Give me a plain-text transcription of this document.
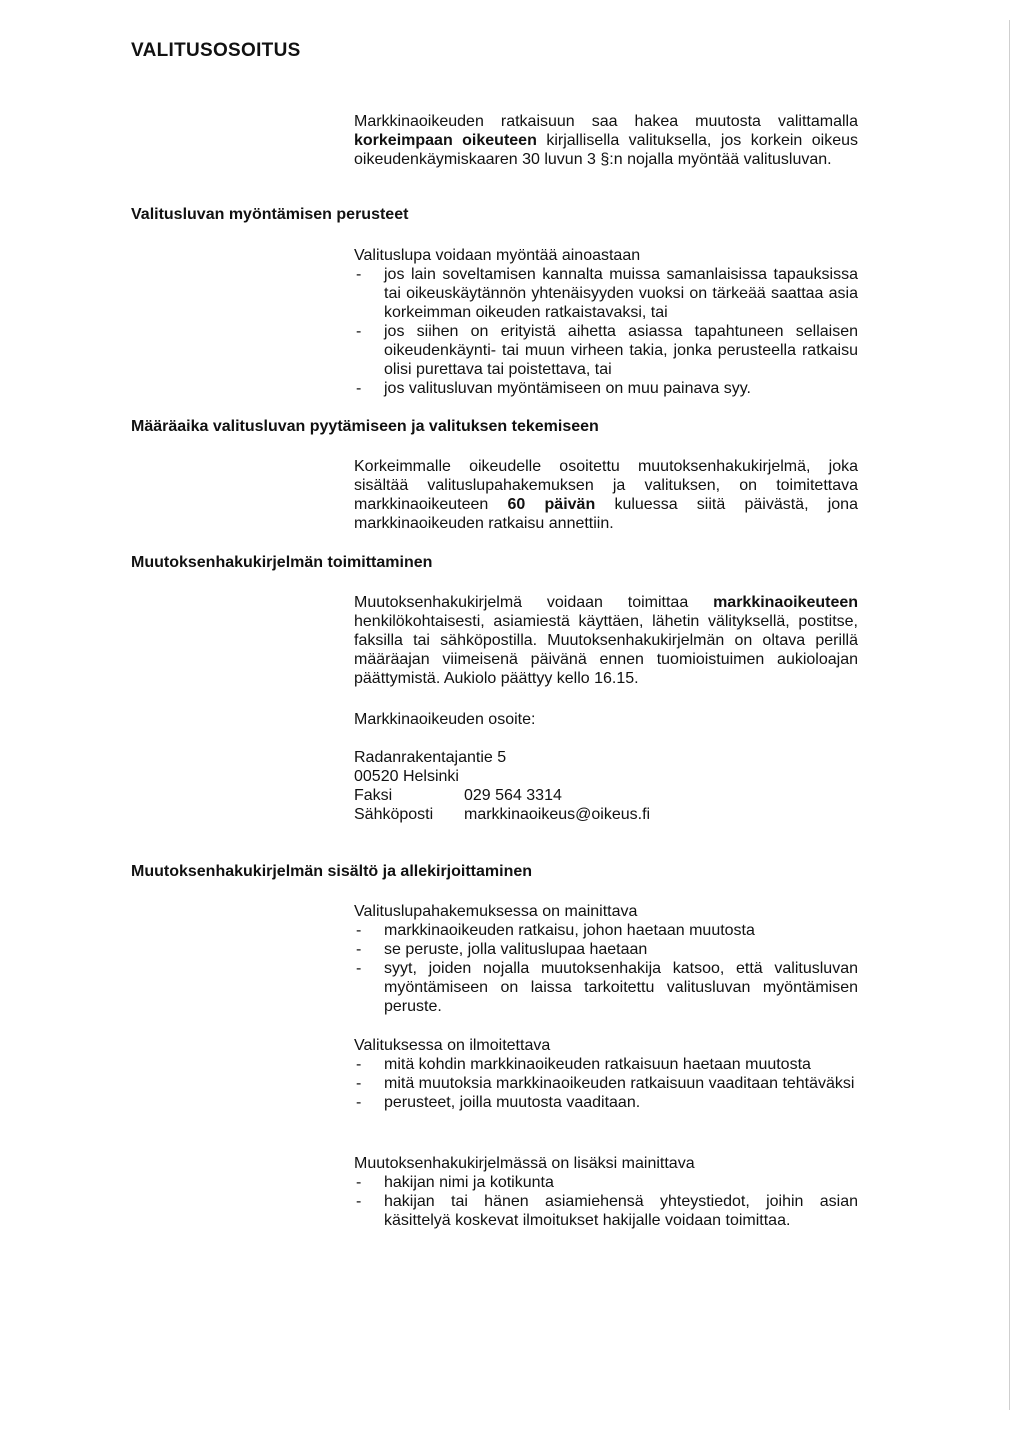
VALITUSOSOITUS

Markkinaoikeuden ratkaisuun saa hakea muutosta valittamalla korkeimpaan oikeuteen kirjallisella valituksella, jos korkein oikeus oikeudenkäymiskaaren 30 luvun 3 §:n nojalla myöntää valitusluvan.

Valitusluvan myöntämisen perusteet

Valituslupa voidaan myöntää ainoastaan

- jos lain soveltamisen kannalta muissa samanlaisissa tapauksissa tai oikeuskäytännön yhtenäisyyden vuoksi on tärkeää saattaa asia korkeimman oikeuden ratkaistavaksi, tai
- jos siihen on erityistä aihetta asiassa tapahtuneen sellaisen oikeudenkäynti- tai muun virheen takia, jonka perusteella ratkaisu olisi purettava tai poistettava, tai
- jos valitusluvan myöntämiseen on muu painava syy.
Määräaika valitusluvan pyytämiseen ja valituksen tekemiseen

Korkeimmalle oikeudelle osoitettu muutoksenhakukirjelmä, joka sisältää valituslupahakemuksen ja valituksen, on toimitettava markkinaoikeuteen 60 päivän kuluessa siitä päivästä, jona markkinaoikeuden ratkaisu annettiin.

Muutoksenhakukirjelmän toimittaminen

Muutoksenhakukirjelmä voidaan toimittaa markkinaoikeuteen henkilökohtaisesti, asiamiestä käyttäen, lähetin välityksellä, postitse, faksilla tai sähköpostilla. Muutoksenhakukirjelmän on oltava perillä määräajan viimeisenä päivänä ennen tuomioistuimen aukioloajan päättymistä. Aukiolo päättyy kello 16.15.

Markkinaoikeuden osoite:
Radanrakentajantie 5
00520 Helsinki
Faksi	029 564 3314
Sähköposti	markkinaoikeus@oikeus.fi
Muutoksenhakukirjelmän sisältö ja allekirjoittaminen

Valituslupahakemuksessa on mainittava

- markkinaoikeuden ratkaisu, johon haetaan muutosta
- se peruste, jolla valituslupaa haetaan
- syyt, joiden nojalla muutoksenhakija katsoo, että valitusluvan myöntämiseen on laissa tarkoitettu valitusluvan myöntämisen peruste.

Valituksessa on ilmoitettava

- mitä kohdin markkinaoikeuden ratkaisuun haetaan muutosta
- mitä muutoksia markkinaoikeuden ratkaisuun vaaditaan tehtäväksi
- perusteet, joilla muutosta vaaditaan.

Muutoksenhakukirjelmässä on lisäksi mainittava

- hakijan nimi ja kotikunta
- hakijan tai hänen asiamiehensä yhteystiedot, joihin asian käsittelyä koskevat ilmoitukset hakijalle voidaan toimittaa.
